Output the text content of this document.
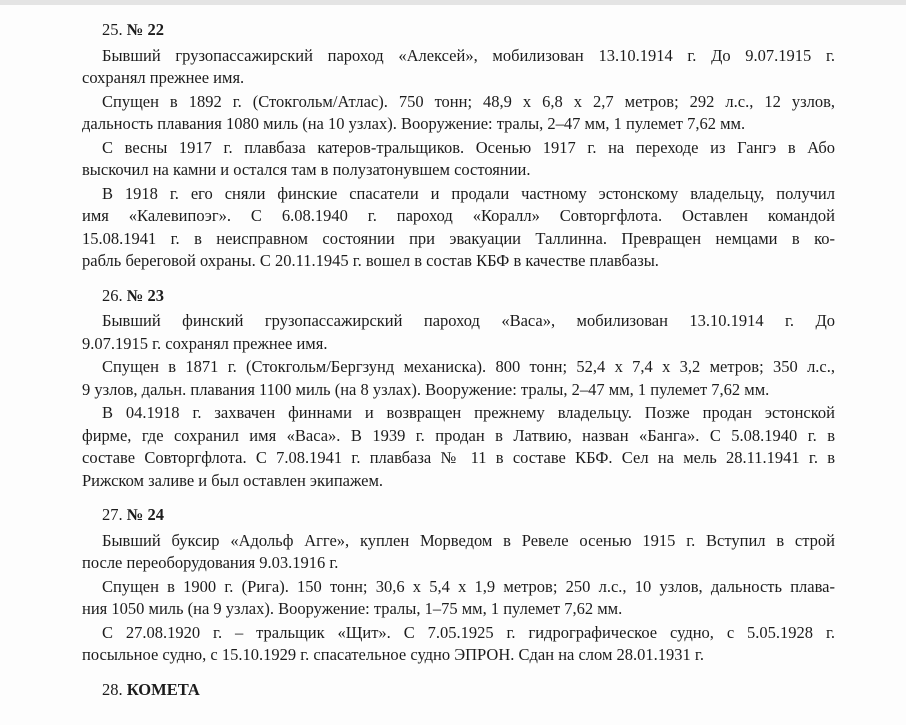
25. № 22
Бывший грузопассажирский пароход «Алексей», мобилизован 13.10.1914 г. До 9.07.1915 г.
сохранял прежнее имя.
Спущен в 1892 г. (Стокгольм/Атлас). 750 тонн; 48,9 х 6,8 х 2,7 метров; 292 л.с., 12 узлов,
дальность плавания 1080 миль (на 10 узлах). Вооружение: тралы, 2–47 мм, 1 пулемет 7,62 мм.
С весны 1917 г. плавбаза катеров-тральщиков. Осенью 1917 г. на переходе из Гангэ в Або
выскочил на камни и остался там в полузатонувшем состоянии.
В 1918 г. его сняли финские спасатели и продали частному эстонскому владельцу, получил
имя «Калевипоэг». С 6.08.1940 г. пароход «Коралл» Совторгфлота. Оставлен командой
15.08.1941 г. в неисправном состоянии при эвакуации Таллинна. Превращен немцами в ко-
рабль береговой охраны. С 20.11.1945 г. вошел в состав КБФ в качестве плавбазы.
26. № 23
Бывший финский грузопассажирский пароход «Васа», мобилизован 13.10.1914 г. До
9.07.1915 г. сохранял прежнее имя.
Спущен в 1871 г. (Стокгольм/Бергзунд механиска). 800 тонн; 52,4 х 7,4 х 3,2 метров; 350 л.с.,
9 узлов, дальн. плавания 1100 миль (на 8 узлах). Вооружение: тралы, 2–47 мм, 1 пулемет 7,62 мм.
В 04.1918 г. захвачен финнами и возвращен прежнему владельцу. Позже продан эстонской
фирме, где сохранил имя «Васа». В 1939 г. продан в Латвию, назван «Банга». С 5.08.1940 г. в
составе Совторгфлота. С 7.08.1941 г. плавбаза № 11 в составе КБФ. Сел на мель 28.11.1941 г. в
Рижском заливе и был оставлен экипажем.
27. № 24
Бывший буксир «Адольф Агге», куплен Морведом в Ревеле осенью 1915 г. Вступил в строй
после переоборудования 9.03.1916 г.
Спущен в 1900 г. (Рига). 150 тонн; 30,6 х 5,4 х 1,9 метров; 250 л.с., 10 узлов, дальность плава-
ния 1050 миль (на 9 узлах). Вооружение: тралы, 1–75 мм, 1 пулемет 7,62 мм.
С 27.08.1920 г. – тральщик «Щит». С 7.05.1925 г. гидрографическое судно, с 5.05.1928 г.
посыльное судно, с 15.10.1929 г. спасательное судно ЭПРОН. Сдан на слом 28.01.1931 г.
28. КОМЕТА
